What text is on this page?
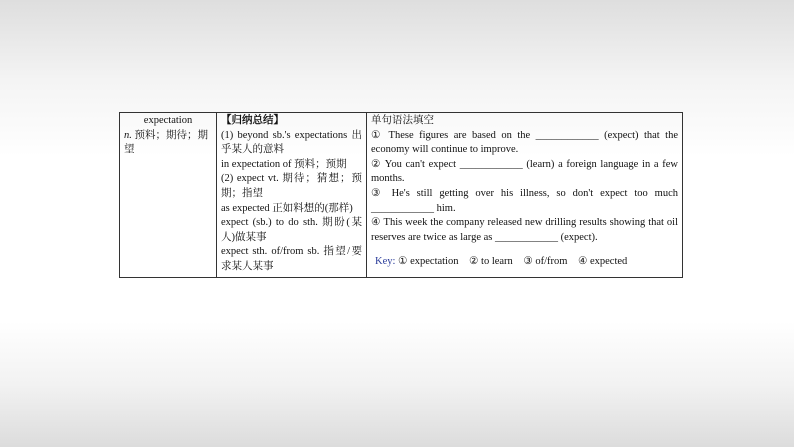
expectation
n. 预料；期待；期望

【归纳总结】
(1) beyond sb.'s expectations 出乎某人的意料
in expectation of 预料；预期
(2) expect vt. 期待；猜想；预期；指望
as expected 正如料想的(那样)
expect (sb.) to do sth. 期盼(某人)做某事
expect sth. of/from sb. 指望/要求某人某事

单句语法填空
① These figures are based on the ____________ (expect) that the economy will continue to improve.
② You can't expect ____________ (learn) a foreign language in a few months.
③ He's still getting over his illness, so don't expect too much ____________ him.
④ This week the company released new drilling results showing that oil reserves are twice as large as ____________ (expect).
Key: ① expectation ② to learn ③ of/from ④ expected
